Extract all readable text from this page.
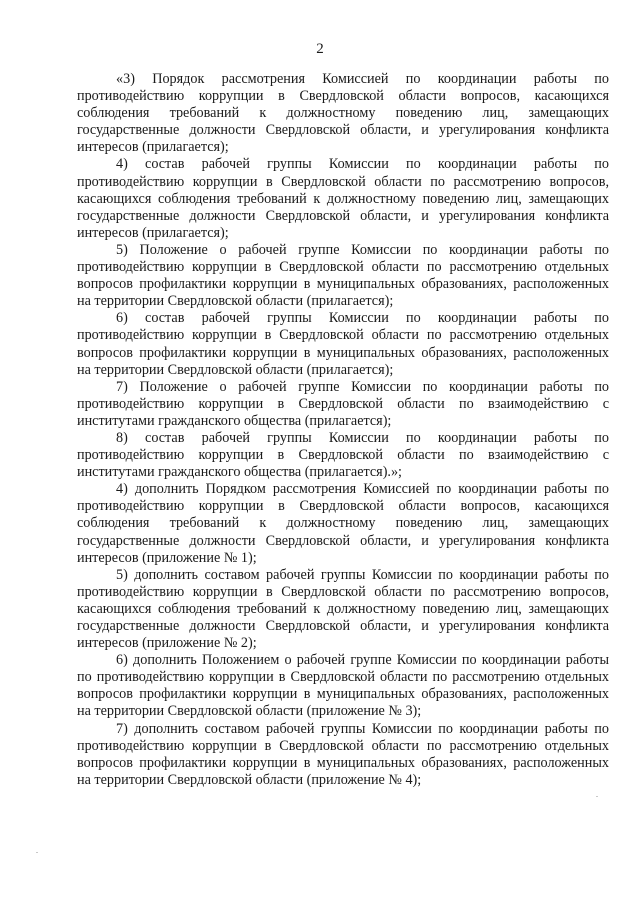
2

«3) Порядок рассмотрения Комиссией по координации работы по противодействию коррупции в Свердловской области вопросов, касающихся соблюдения требований к должностному поведению лиц, замещающих государственные должности Свердловской области, и урегулирования конфликта интересов (прилагается);

4) состав рабочей группы Комиссии по координации работы по противодействию коррупции в Свердловской области по рассмотрению вопросов, касающихся соблюдения требований к должностному поведению лиц, замещающих государственные должности Свердловской области, и урегулирования конфликта интересов (прилагается);

5) Положение о рабочей группе Комиссии по координации работы по противодействию коррупции в Свердловской области по рассмотрению отдельных вопросов профилактики коррупции в муниципальных образованиях, расположенных на территории Свердловской области (прилагается);

6) состав рабочей группы Комиссии по координации работы по противодействию коррупции в Свердловской области по рассмотрению отдельных вопросов профилактики коррупции в муниципальных образованиях, расположенных на территории Свердловской области (прилагается);

7) Положение о рабочей группе Комиссии по координации работы по противодействию коррупции в Свердловской области по взаимодействию с институтами гражданского общества (прилагается);

8) состав рабочей группы Комиссии по координации работы по противодействию коррупции в Свердловской области по взаимодействию с институтами гражданского общества (прилагается).»;

4) дополнить Порядком рассмотрения Комиссией по координации работы по противодействию коррупции в Свердловской области вопросов, касающихся соблюдения требований к должностному поведению лиц, замещающих государственные должности Свердловской области, и урегулирования конфликта интересов (приложение № 1);

5) дополнить составом рабочей группы Комиссии по координации работы по противодействию коррупции в Свердловской области по рассмотрению вопросов, касающихся соблюдения требований к должностному поведению лиц, замещающих государственные должности Свердловской области, и урегулирования конфликта интересов (приложение № 2);

6) дополнить Положением о рабочей группе Комиссии по координации работы по противодействию коррупции в Свердловской области по рассмотрению отдельных вопросов профилактики коррупции в муниципальных образованиях, расположенных на территории Свердловской области (приложение № 3);

7) дополнить составом рабочей группы Комиссии по координации работы по противодействию коррупции в Свердловской области по рассмотрению отдельных вопросов профилактики коррупции в муниципальных образованиях, расположенных на территории Свердловской области (приложение № 4);
